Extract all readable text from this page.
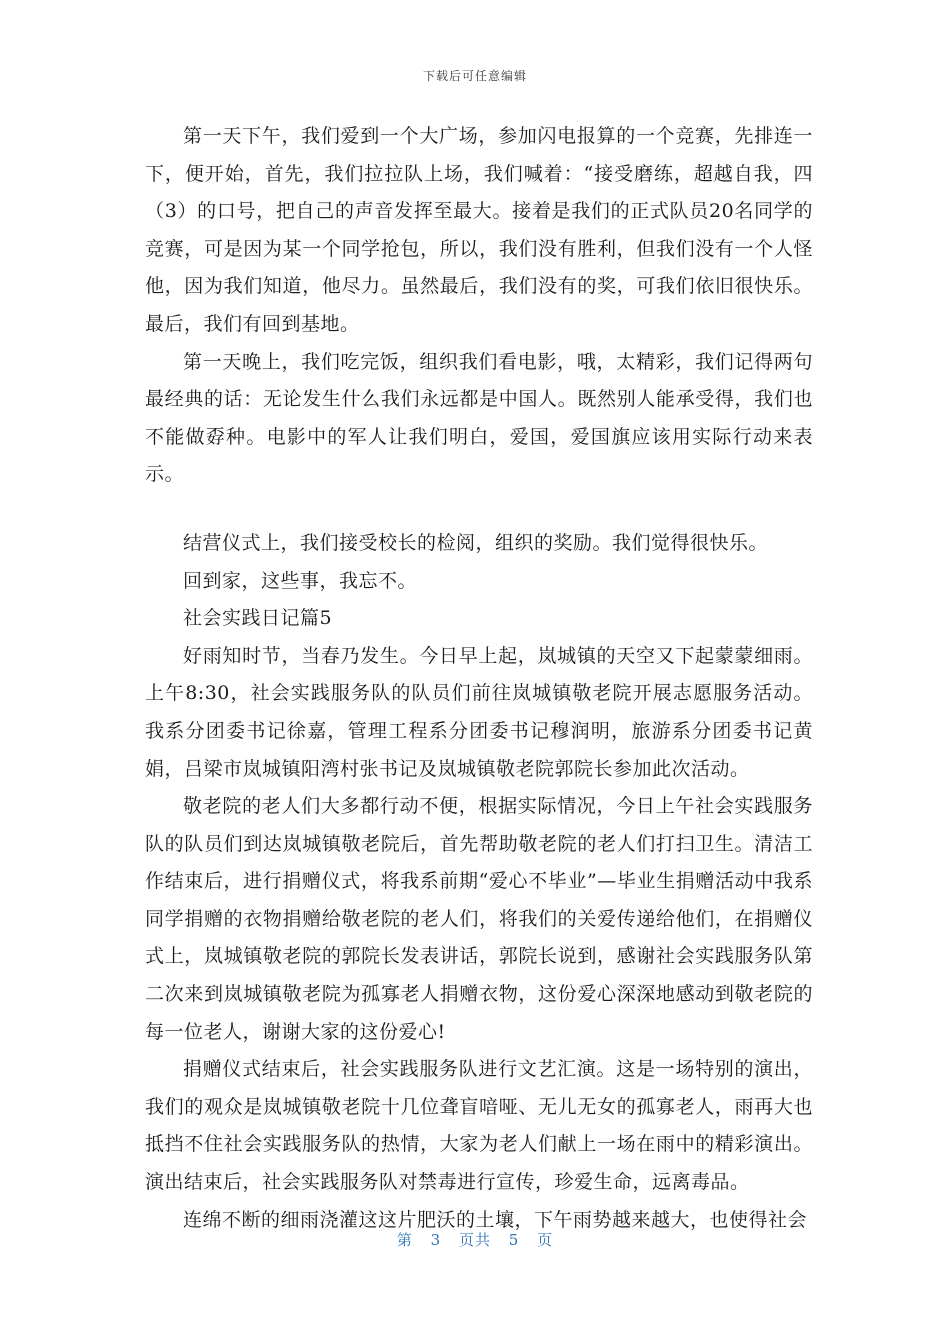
下载后可任意编辑

第一天下午，我们爱到一个大广场，参加闪电报算的一个竞赛，先排连一下，便开始，首先，我们拉拉队上场，我们喊着：“接受磨练，超越自我，四（3）的口号，把自己的声音发挥至最大。接着是我们的正式队员20名同学的竞赛，可是因为某一个同学抢包，所以，我们没有胜利，但我们没有一个人怪他，因为我们知道，他尽力。虽然最后，我们没有的奖，可我们依旧很快乐。最后，我们有回到基地。

第一天晚上，我们吃完饭，组织我们看电影，哦，太精彩，我们记得两句最经典的话：无论发生什么我们永远都是中国人。既然别人能承受得，我们也不能做孬种。电影中的军人让我们明白，爱国，爱国旗应该用实际行动来表示。

结营仪式上，我们接受校长的检阅，组织的奖励。我们觉得很快乐。

回到家，这些事，我忘不。

社会实践日记篇5

好雨知时节，当春乃发生。今日早上起，岚城镇的天空又下起蒙蒙细雨。上午8:30，社会实践服务队的队员们前往岚城镇敬老院开展志愿服务活动。我系分团委书记徐嘉，管理工程系分团委书记穆润明，旅游系分团委书记黄娟，吕梁市岚城镇阳湾村张书记及岚城镇敬老院郭院长参加此次活动。

敬老院的老人们大多都行动不便，根据实际情况，今日上午社会实践服务队的队员们到达岚城镇敬老院后，首先帮助敬老院的老人们打扫卫生。清洁工作结束后，进行捐赠仪式，将我系前期“爱心不毕业”—毕业生捐赠活动中我系同学捐赠的衣物捐赠给敬老院的老人们，将我们的关爱传递给他们，在捐赠仪式上，岚城镇敬老院的郭院长发表讲话，郭院长说到，感谢社会实践服务队第二次来到岚城镇敬老院为孤寡老人捐赠衣物，这份爱心深深地感动到敬老院的每一位老人，谢谢大家的这份爱心!

捐赠仪式结束后，社会实践服务队进行文艺汇演。这是一场特别的演出，我们的观众是岚城镇敬老院十几位聋盲喑哑、无儿无女的孤寡老人，雨再大也抵挡不住社会实践服务队的热情，大家为老人们献上一场在雨中的精彩演出。演出结束后，社会实践服务队对禁毒进行宣传，珍爱生命，远离毒品。

连绵不断的细雨浇灌这这片肥沃的土壤，下午雨势越来越大，也使得社会

第 3 页共 5 页
